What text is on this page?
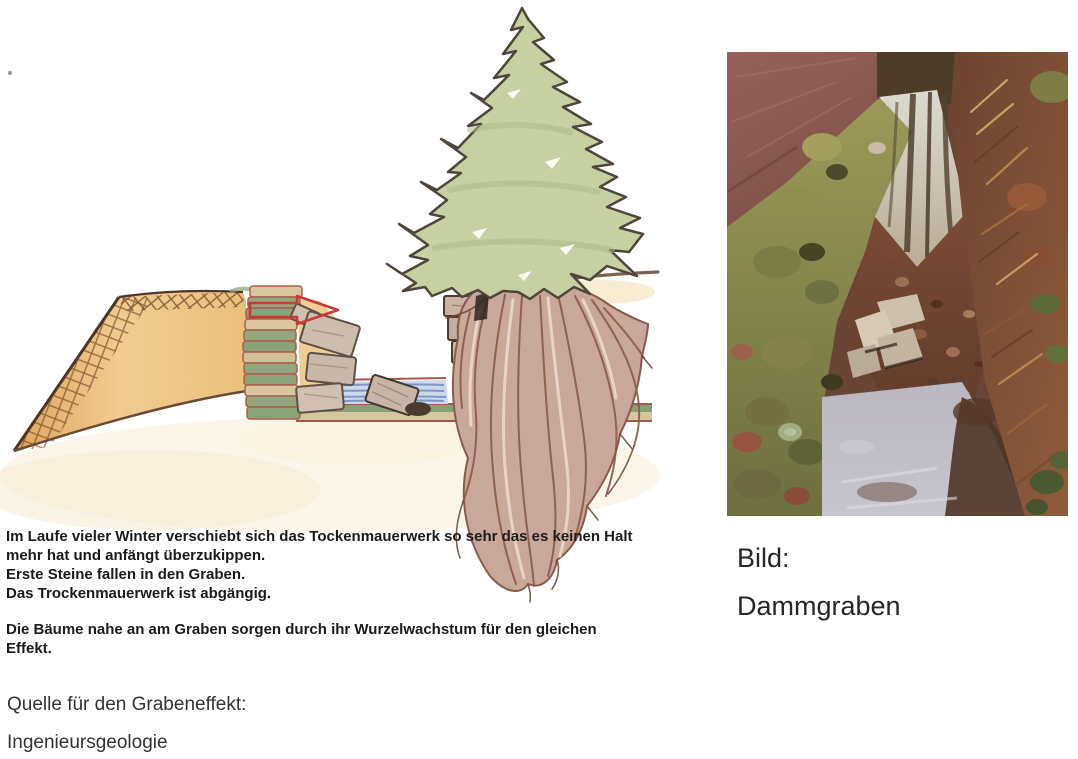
Im Laufe vieler Winter verschiebt sich das Tockenmauerwerk so sehr das es keinen Halt
mehr hat und anfängt überzukippen.
Erste Steine fallen in den Graben.
Das Trockenmauerwerk ist abgängig.
Die Bäume nahe an am Graben sorgen durch ihr Wurzelwachstum für den gleichen
Effekt.
Bild:
Dammgraben
Quelle für den Grabeneffekt:
Ingenieursgeologie
